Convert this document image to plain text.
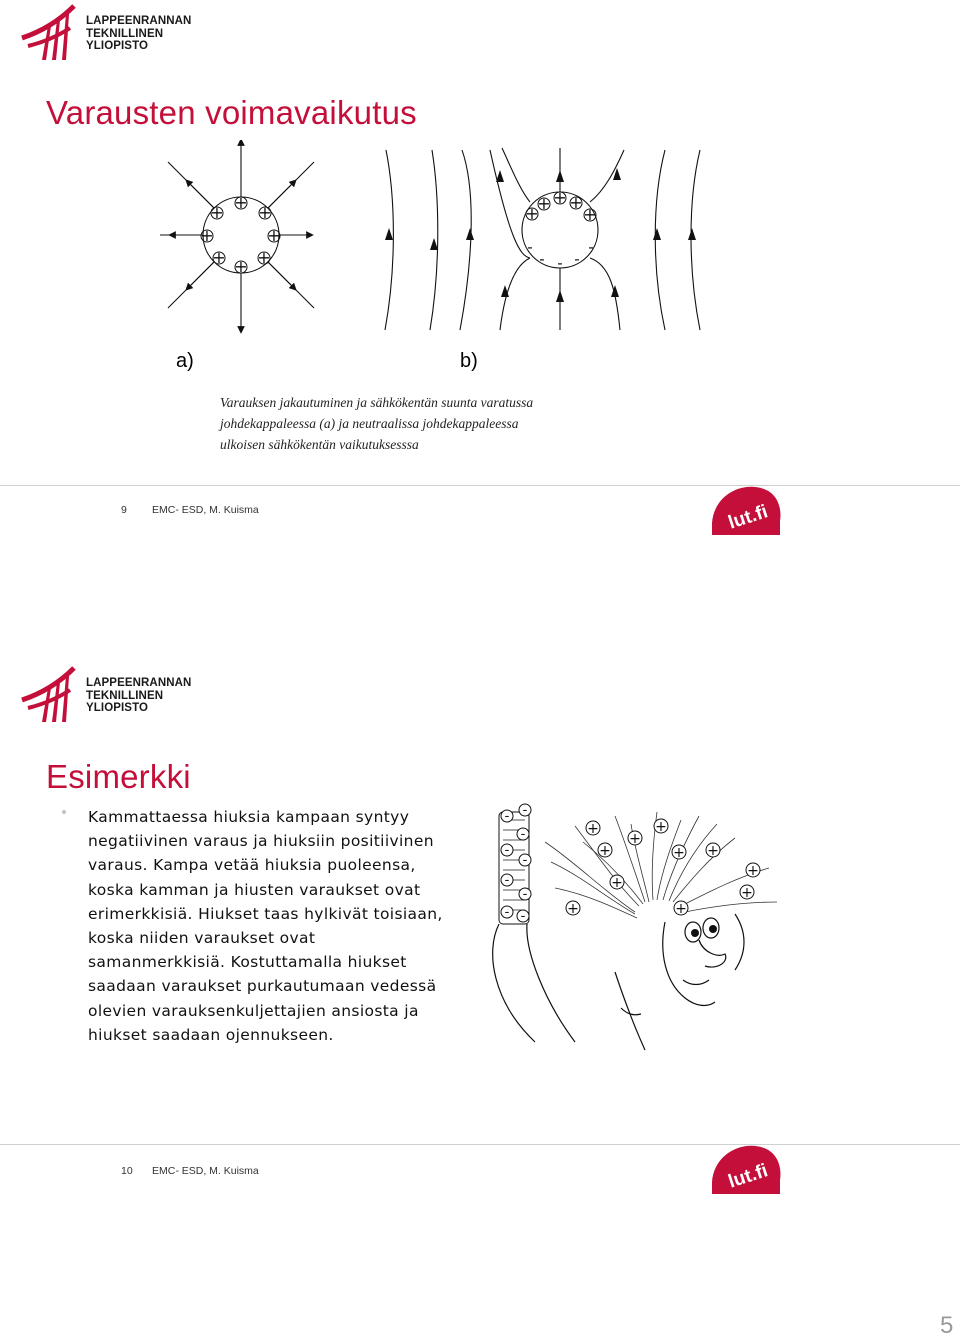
LAPPEENRANNAN
TEKNILLINEN YLIOPISTO
Varausten voimavaikutus
+
+ +
+	+
+ +
+
+ + +
+	+
-
- - -
-
a)	b)
Varauksen jakautuminen ja sähkökentän suunta varatussa
johdekappaleessa (a) ja neutraalissa johdekappaleessa
ulkoisen sähkökentän vaikutuksesssa
9 EMC- ESD, M. Kuisma	lut.fi
LAPPEENRANNAN
TEKNILLINEN YLIOPISTO
Esimerkki
Kammattaessa hiuksia kampaan syntyy
negatiivinen varaus ja hiuksiin positiivinen
varaus. Kampa vetää hiuksia puoleensa,
koska kamman ja hiusten varaukset ovat
erimerkkisiä. Hiukset taas hylkivät toisiaan,
koska niiden varaukset ovat
samanmerkkisiä. Kostuttamalla hiukset
saadaan varaukset purkautumaan vedessä
olevien varauksenkuljettajien ansiosta ja
hiukset saadaan ojennukseen.
- -
-
-
-
-
-
- -
+	+
+
+
+	+
+
+
+
+	+
10 EMC- ESD, M. Kuisma	lut.fi
5
